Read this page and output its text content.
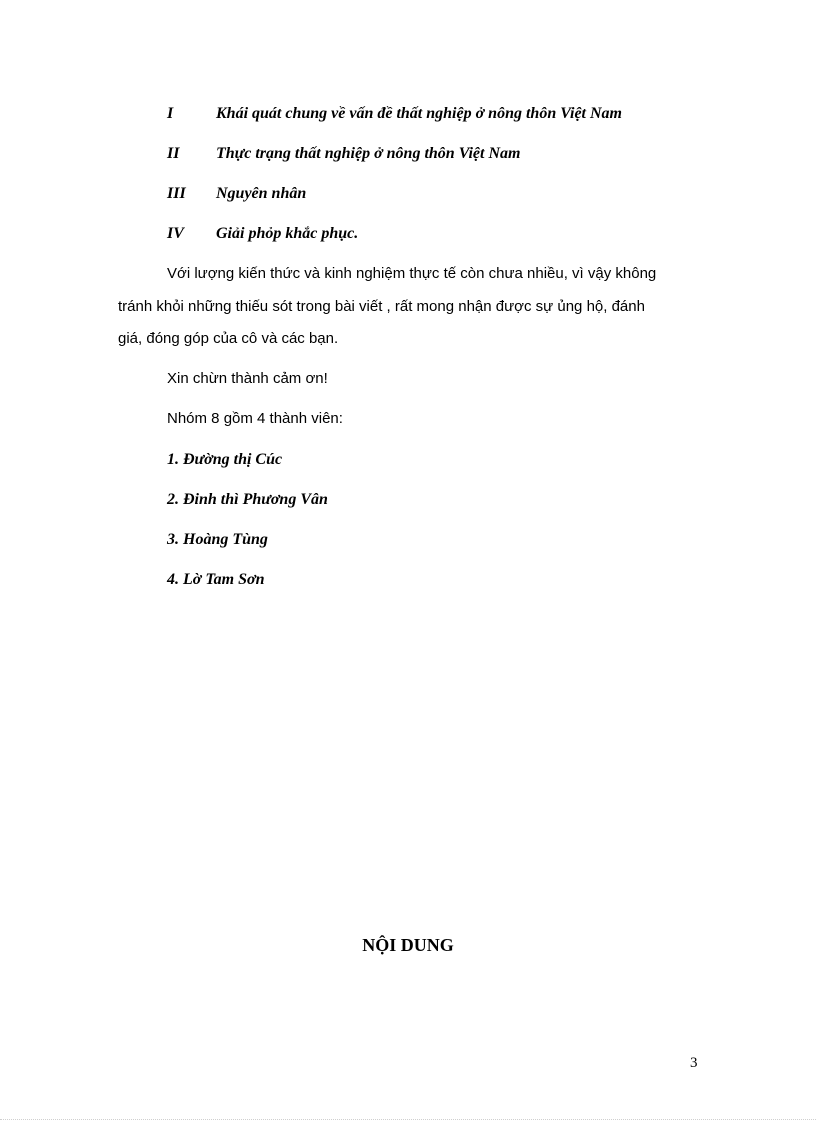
I	Khái quát chung về vấn đề thất nghiệp ở nông thôn Việt Nam
II Thực trạng thất nghiệp ở nông thôn Việt Nam
III Nguyên nhân
IV Giải phỏp khắc phục.
Với lượng kiến thức và kinh nghiệm thực tế còn chưa nhiều, vì vậy không
tránh khỏi những thiếu sót trong bài viết , rất mong nhận được sự ủng hộ, đánh
giá, đóng góp của cô và các bạn.
Xin chừn thành cảm ơn!
Nhóm 8 gồm 4 thành viên:
1. Đường thị Cúc
2. Đinh thì Phương Vân
3. Hoàng Tùng
4. Lờ Tam Sơn
NỘI DUNG
3
